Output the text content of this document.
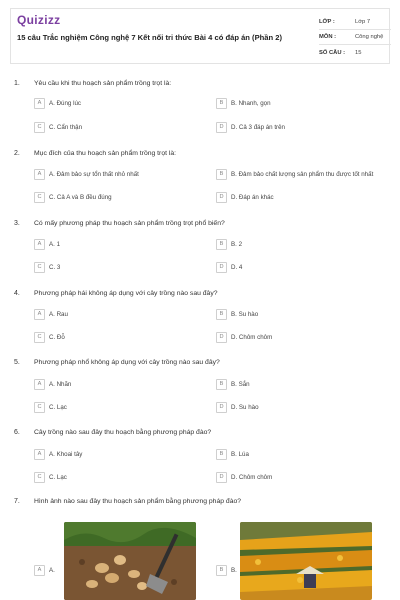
Quizizz
15 câu Trắc nghiệm Công nghệ 7 Kết nối tri thức Bài 4 có đáp án (Phần 2)
LỚP :	Lớp 7
MÔN :	Công nghệ
SỐ CÂU :	15
1. Yêu cầu khi thu hoạch sản phẩm trồng trọt là:
A	A. Đúng lúc	B	B. Nhanh, gọn
C	C. Cẩn thận	D	D. Cả 3 đáp án trên
2. Mục đích của thu hoạch sản phẩm trồng trọt là:
A	A. Đảm bảo sự tổn thất nhỏ nhất	B	B. Đảm bảo chất lượng sản phẩm thu được tốt nhất
C	C. Cả A và B đều đúng	D	D. Đáp án khác
3. Có mấy phương pháp thu hoạch sản phẩm trồng trọt phổ biến?
A	A. 1	B	B. 2
C	C. 3	D	D. 4
4. Phương pháp hái không áp dụng với cây trồng nào sau đây?
A	A. Rau	B	B. Su hào
C	C. Đỗ	D	D. Chôm chôm
5. Phương pháp nhổ không áp dụng với cây trồng nào sau đây?
A	A. Nhãn	B	B. Sắn
C	C. Lạc	D	D. Su hào
6. Cây trồng nào sau đây thu hoạch bằng phương pháp đào?
A	A. Khoai tây	B	B. Lúa
C	C. Lạc	D	D. Chôm chôm
7. Hình ảnh nào sau đây thu hoạch sản phẩm bằng phương pháp đào?
A	A.	B	B.
